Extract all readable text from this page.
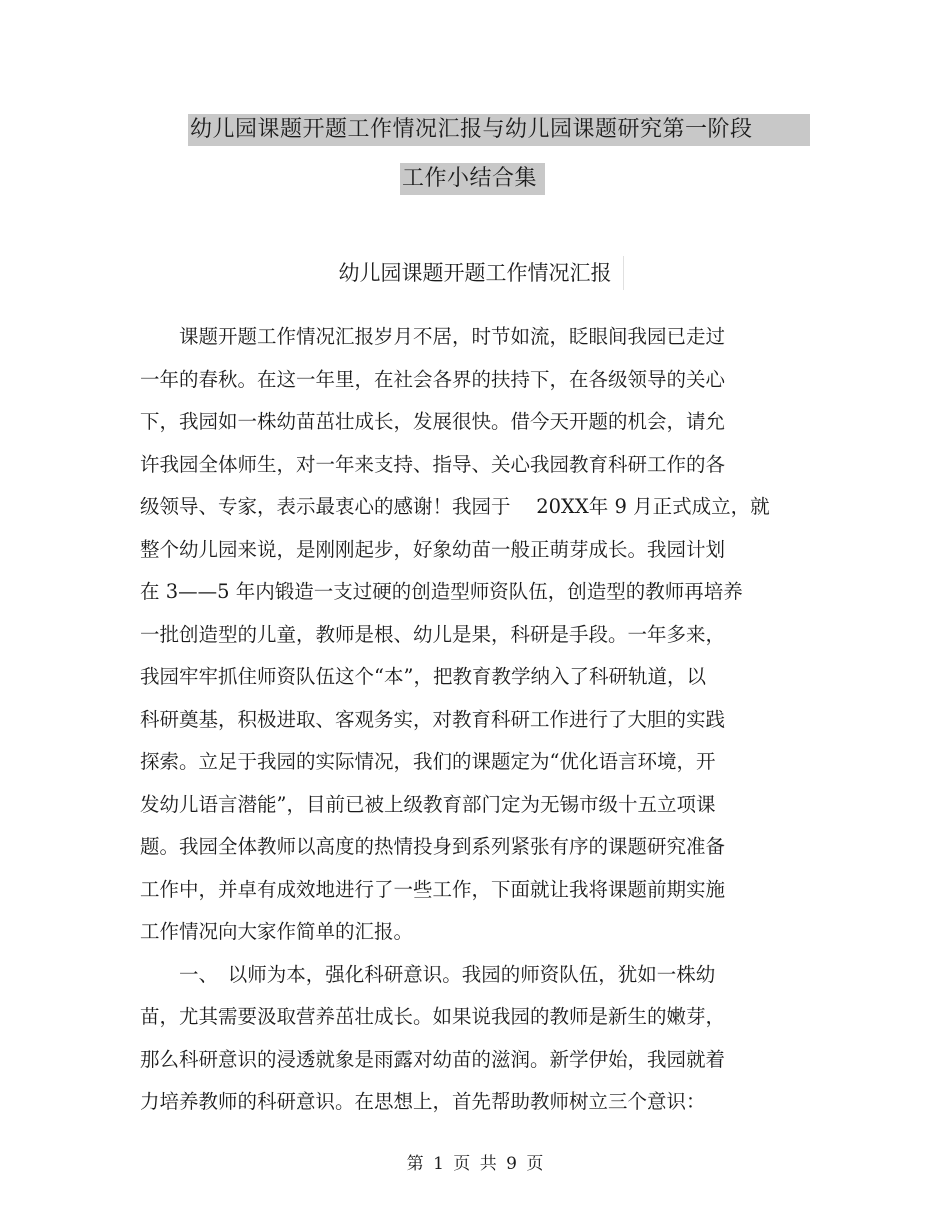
幼儿园课题开题工作情况汇报与幼儿园课题研究第一阶段
工作小结合集
幼儿园课题开题工作情况汇报
　　课题开题工作情况汇报岁月不居，时节如流，眨眼间我园已走过
一年的春秋。在这一年里，在社会各界的扶持下，在各级领导的关心
下，我园如一株幼苗茁壮成长，发展很快。借今天开题的机会，请允
许我园全体师生，对一年来支持、指导、关心我园教育科研工作的各
级领导、专家，表示最衷心的感谢！我园于　 20XX年 9 月正式成立，就
整个幼儿园来说，是刚刚起步，好象幼苗一般正萌芽成长。我园计划
在 3——5 年内锻造一支过硬的创造型师资队伍，创造型的教师再培养
一批创造型的儿童，教师是根、幼儿是果，科研是手段。一年多来，
我园牢牢抓住师资队伍这个“本”，把教育教学纳入了科研轨道，以
科研奠基，积极进取、客观务实，对教育科研工作进行了大胆的实践
探索。立足于我园的实际情况，我们的课题定为“优化语言环境，开
发幼儿语言潜能”，目前已被上级教育部门定为无锡市级十五立项课
题。我园全体教师以高度的热情投身到系列紧张有序的课题研究准备
工作中，并卓有成效地进行了一些工作，下面就让我将课题前期实施
工作情况向大家作简单的汇报。
　　一、　以师为本，强化科研意识。我园的师资队伍，犹如一株幼
苗，尤其需要汲取营养茁壮成长。如果说我园的教师是新生的嫩芽，
那么科研意识的浸透就象是雨露对幼苗的滋润。新学伊始，我园就着
力培养教师的科研意识。在思想上，首先帮助教师树立三个意识：
第 1 页 共 9 页
